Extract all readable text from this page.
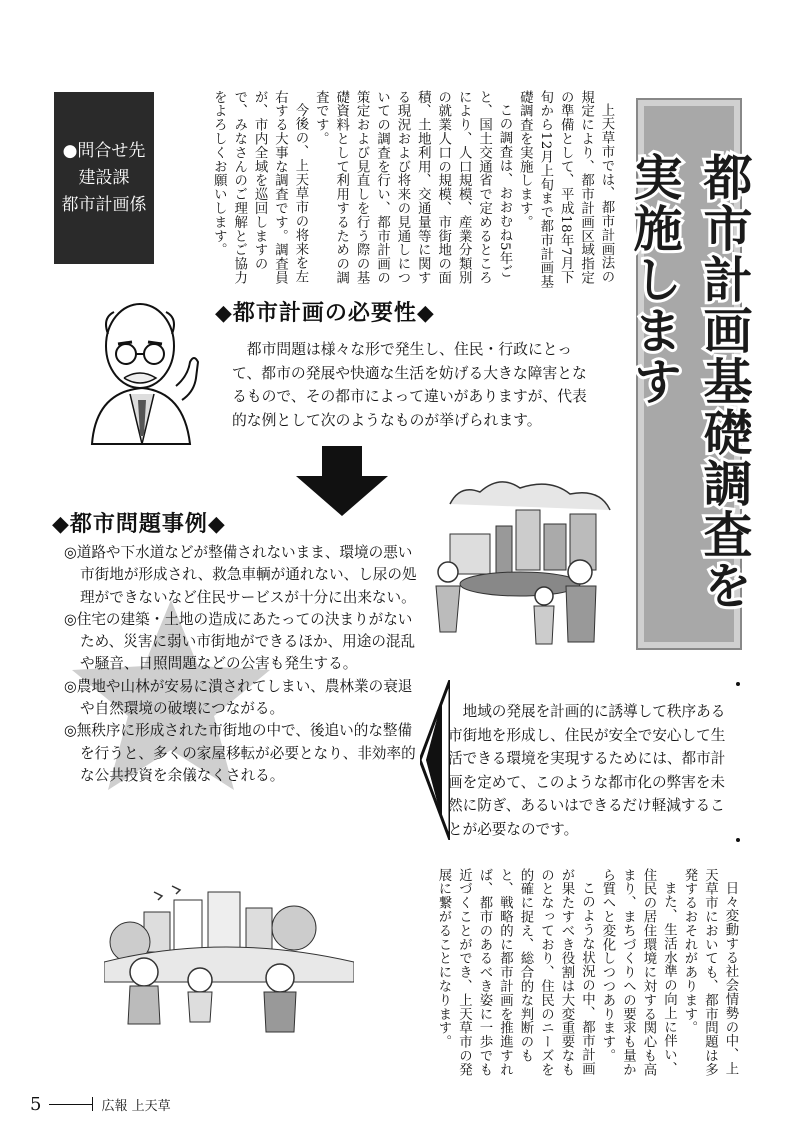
●問合せ先
建設課
都市計画係	上天草市では、都市計画法の規定により、都市計画区域指定の準備として、平成18年7月下旬から12月上旬まで都市計画基礎調査を実施します。

この調査は、おおむね5年ごと、国土交通省で定めるところにより、人口規模、産業分類別の就業人口の規模、市街地の面積、土地利用、交通量等に関する現況および将来の見通しについての調査を行い、都市計画の策定および見直しを行う際の基礎資料として利用するための調査です。

今後の、上天草市の将来を左右する大事な調査です。調査員が、市内全域を巡回しますので、みなさんのご理解とご協力をよろしくお願いします。	都市計画基礎調査を実施します
◆都市計画の必要性◆

都市問題は様々な形で発生し、住民・行政にとって、都市の発展や快適な生活を妨げる大きな障害となるもので、その都市によって違いがありますが、代表的な例として次のようなものが挙げられます。

◆都市問題事例◆

◎道路や下水道などが整備されないまま、環境の悪い市街地が形成され、救急車輌が通れない、し尿の処理ができないなど住民サービスが十分に出来ない。

◎住宅の建築・土地の造成にあたっての決まりがないため、災害に弱い市街地ができるほか、用途の混乱や騒音、日照問題などの公害も発生する。

◎農地や山林が安易に潰されてしまい、農林業の衰退や自然環境の破壊につながる。

◎無秩序に形成された市街地の中で、後追い的な整備を行うと、多くの家屋移転が必要となり、非効率的な公共投資を余儀なくされる。

地域の発展を計画的に誘導して秩序ある市街地を形成し、住民が安全で安心して生活できる環境を実現するためには、都市計画を定めて、このような都市化の弊害を未然に防ぎ、あるいはできるだけ軽減することが必要なのです。

日々変動する社会情勢の中、上天草市においても、都市問題は多発するおそれがあります。

また、生活水準の向上に伴い、住民の居住環境に対する関心も高まり、まちづくりへの要求も量から質へと変化しつつあります。

このような状況の中、都市計画が果たすべき役割は大変重要なものとなっており、住民のニーズを的確に捉え、総合的な判断のもと、戦略的に都市計画を推進すれば、都市のあるべき姿に一歩でも近づくことができ、上天草市の発展に繋がることになります。

5	広報 上天草
